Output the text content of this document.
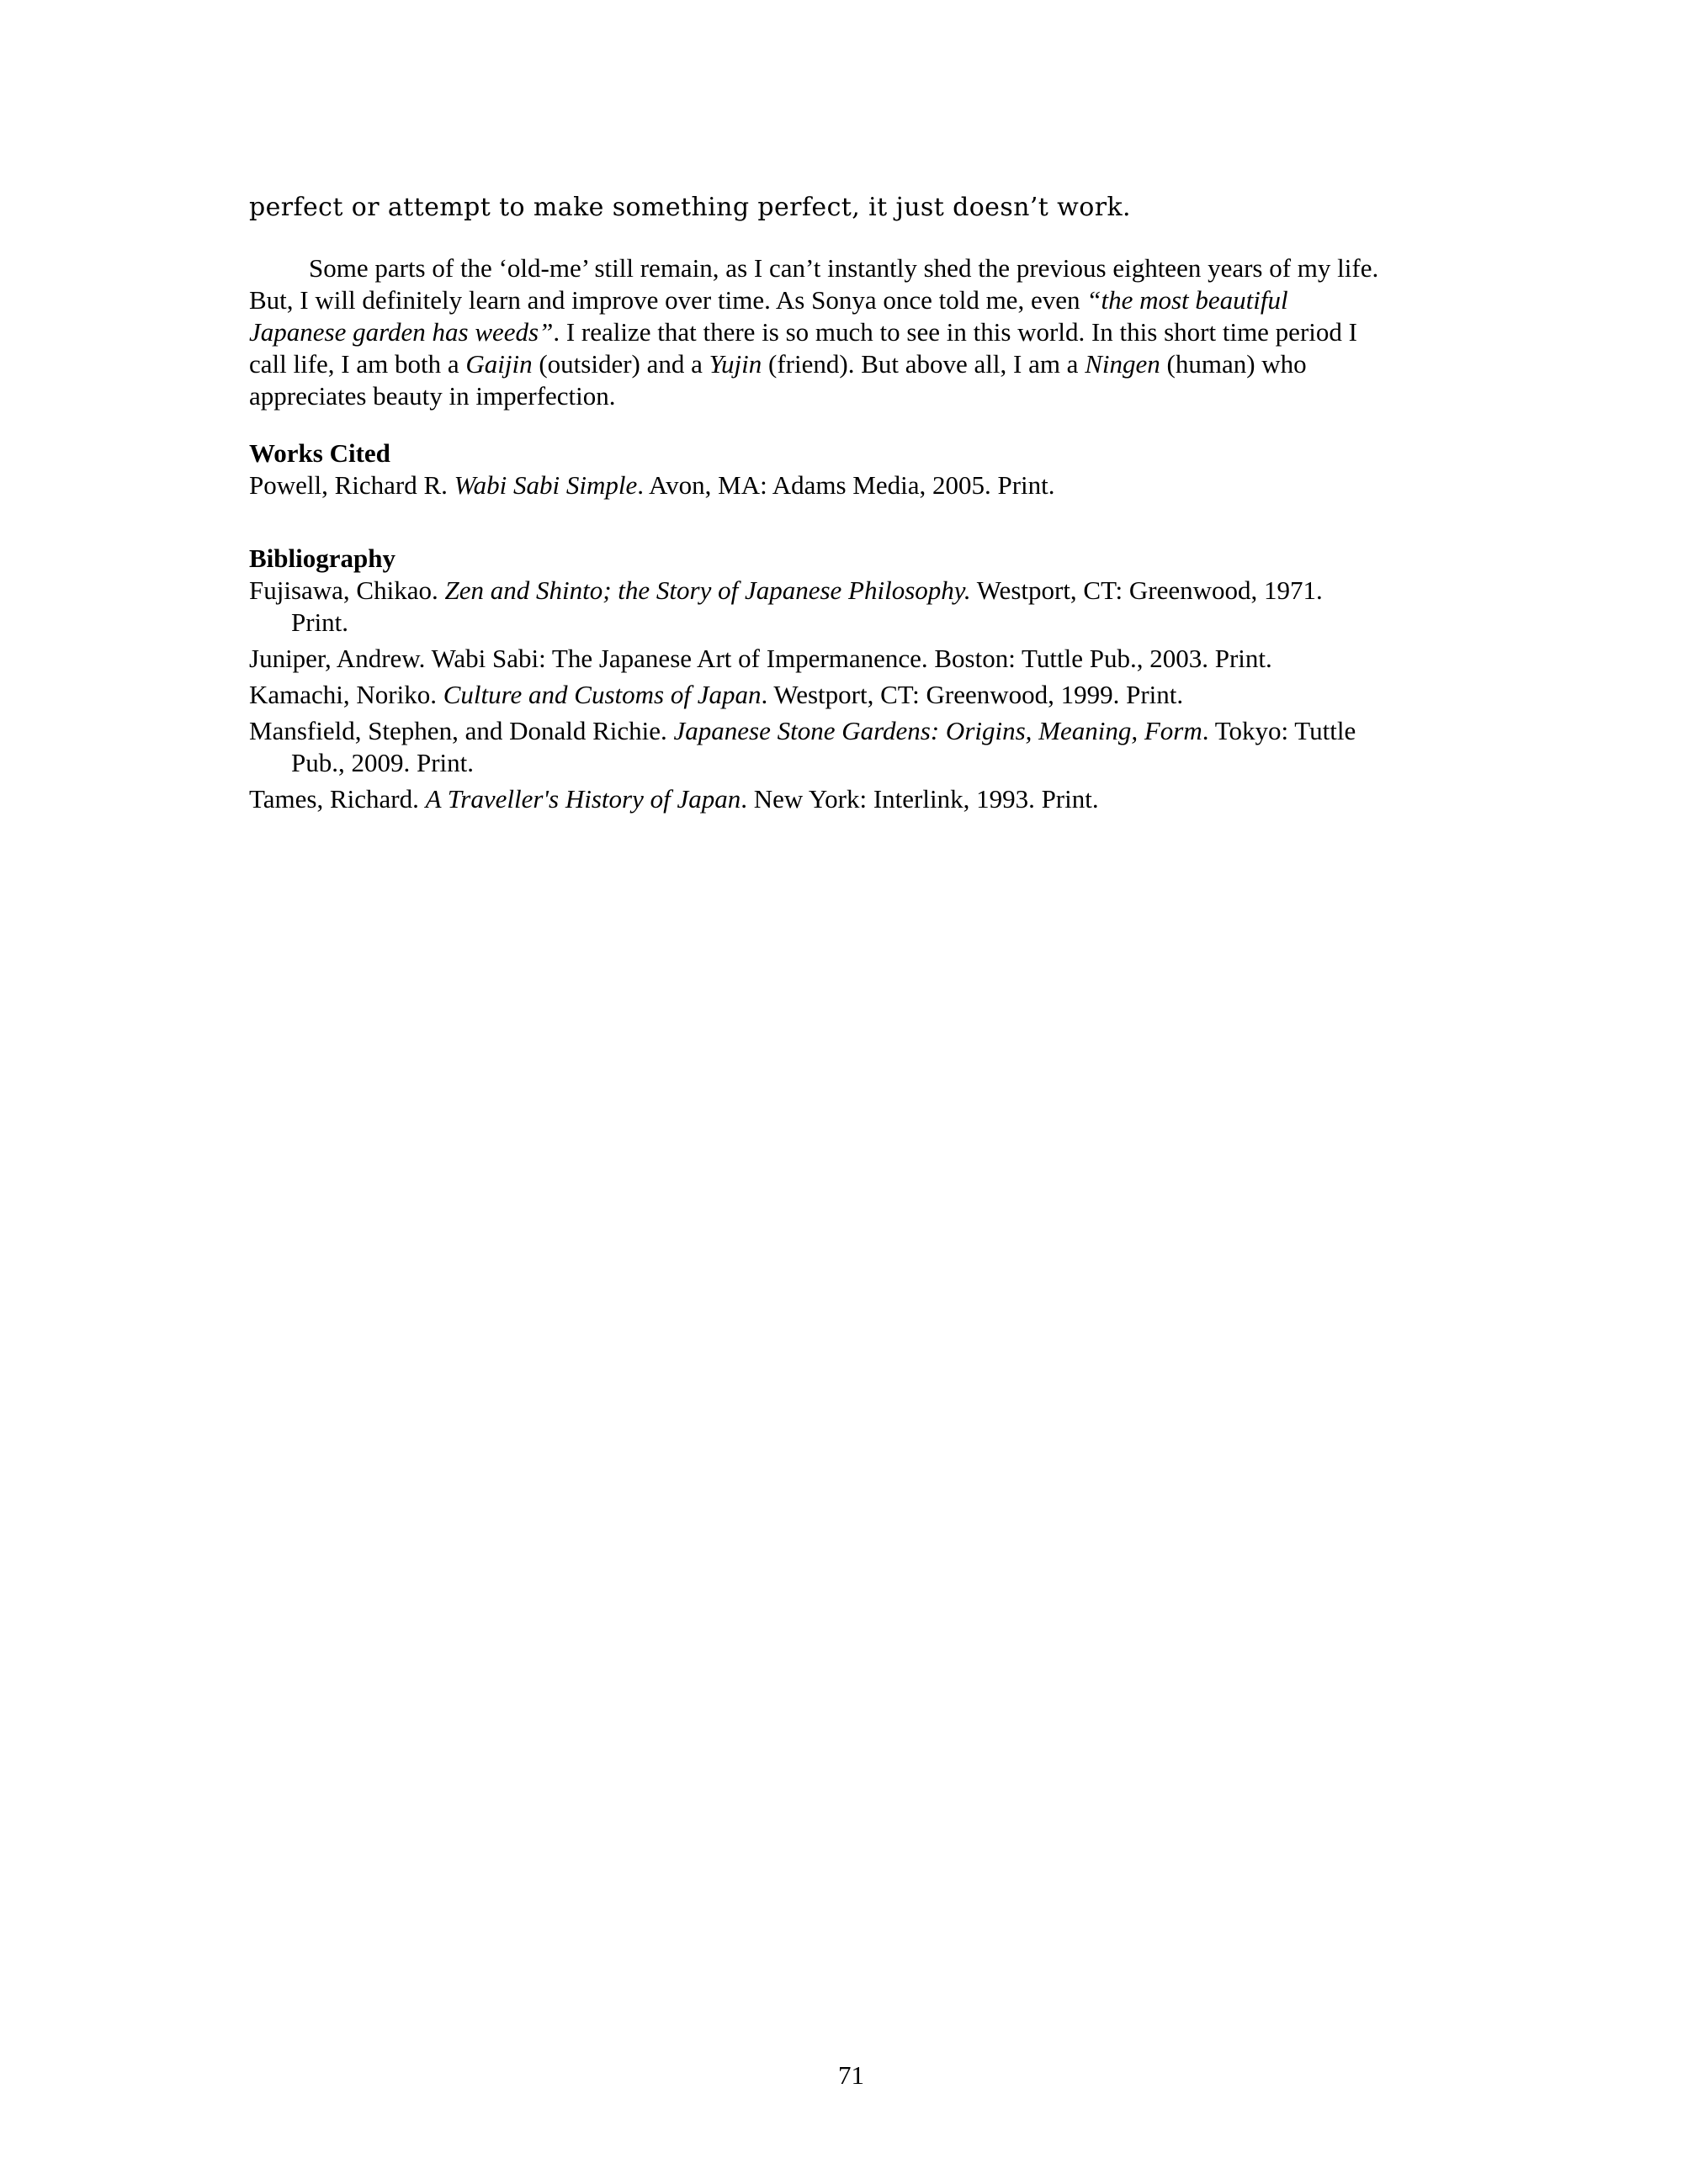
perfect or attempt to make something perfect, it just doesn’t work.
Some parts of the ‘old-me’ still remain, as I can’t instantly shed the previous eighteen years of my life.
But, I will definitely learn and improve over time. As Sonya once told me, even “the most beautiful
Japanese garden has weeds”. I realize that there is so much to see in this world. In this short time period I
call life, I am both a Gaijin (outsider) and a Yujin (friend). But above all, I am a Ningen (human) who
appreciates beauty in imperfection.
Works Cited
Powell, Richard R. Wabi Sabi Simple. Avon, MA: Adams Media, 2005. Print.
Bibliography
Fujisawa, Chikao. Zen and Shinto; the Story of Japanese Philosophy. Westport, CT: Greenwood, 1971.
Print.
Juniper, Andrew. Wabi Sabi: The Japanese Art of Impermanence. Boston: Tuttle Pub., 2003. Print.
Kamachi, Noriko. Culture and Customs of Japan. Westport, CT: Greenwood, 1999. Print.
Mansfield, Stephen, and Donald Richie. Japanese Stone Gardens: Origins, Meaning, Form. Tokyo: Tuttle
Pub., 2009. Print.
Tames, Richard. A Traveller's History of Japan. New York: Interlink, 1993. Print.
71
